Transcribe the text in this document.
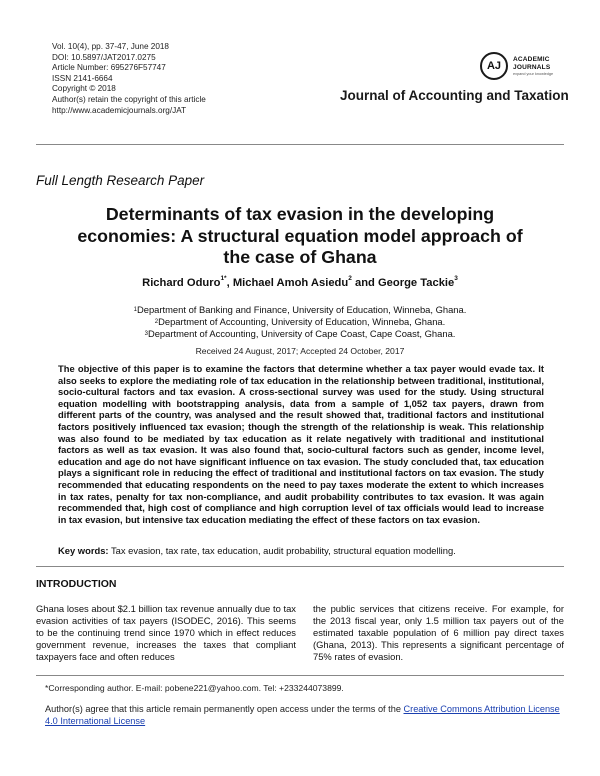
Vol. 10(4), pp. 37-47, June 2018
DOI: 10.5897/JAT2017.0275
Article Number: 695276F57747
ISSN 2141-6664
Copyright © 2018
Author(s) retain the copyright of this article
http://www.academicjournals.org/JAT
AJ
ACADEMIC
JOURNALS
expand your knowledge
Journal of Accounting and Taxation
Full Length Research Paper
Determinants of tax evasion in the developing economies: A structural equation model approach of the case of Ghana
Richard Oduro$^{1*}$, Michael Amoh Asiedu$^2$ and George Tackie$^3$
$^1$Department of Banking and Finance, University of Education, Winneba, Ghana.
$^2$Department of Accounting, University of Education, Winneba, Ghana.
$^3$Department of Accounting, University of Cape Coast, Cape Coast, Ghana.
Received 24 August, 2017; Accepted 24 October, 2017
The objective of this paper is to examine the factors that determine whether a tax payer would evade tax. It also seeks to explore the mediating role of tax education in the relationship between traditional, institutional, socio-cultural factors and tax evasion. A cross-sectional survey was used for the study. Using structural equation modelling with bootstrapping analysis, data from a sample of 1,052 tax payers, drawn from different parts of the country, was analysed and the result showed that, traditional factors and institutional factors positively influenced tax evasion; though the strength of the relationship is weak. This relationship was also found to be mediated by tax education as it relate negatively with traditional and institutional factors as well as tax evasion. It was also found that, socio-cultural factors such as gender, income level, education and age do not have significant influence on tax evasion. The study concluded that, tax education plays a significant role in reducing the effect of traditional and institutional factors on tax evasion. The study recommended that educating respondents on the need to pay taxes moderate the extent to which increases in tax rates, penalty for tax non-compliance, and audit probability contributes to tax evasion. It was again recommended that, high cost of compliance and high corruption level of tax officials would lead to increase in tax evasion, but intensive tax education mediating the effect of these factors on tax evasion.
Key words: Tax evasion, tax rate, tax education, audit probability, structural equation modelling.
INTRODUCTION
Ghana loses about $2.1 billion tax revenue annually due to tax evasion activities of tax payers (ISODEC, 2016). This seems to be the continuing trend since 1970 which in effect reduces government revenue, increases the taxes that compliant taxpayers face and often reduces
the public services that citizens receive. For example, for the 2013 fiscal year, only 1.5 million tax payers out of the estimated taxable population of 6 million pay direct taxes (Ghana, 2013). This represents a significant percentage of 75% rates of evasion.
*Corresponding author. E-mail: pobene221@yahoo.com. Tel: +233244073899.
Author(s) agree that this article remain permanently open access under the terms of the Creative Commons Attribution License 4.0 International License
